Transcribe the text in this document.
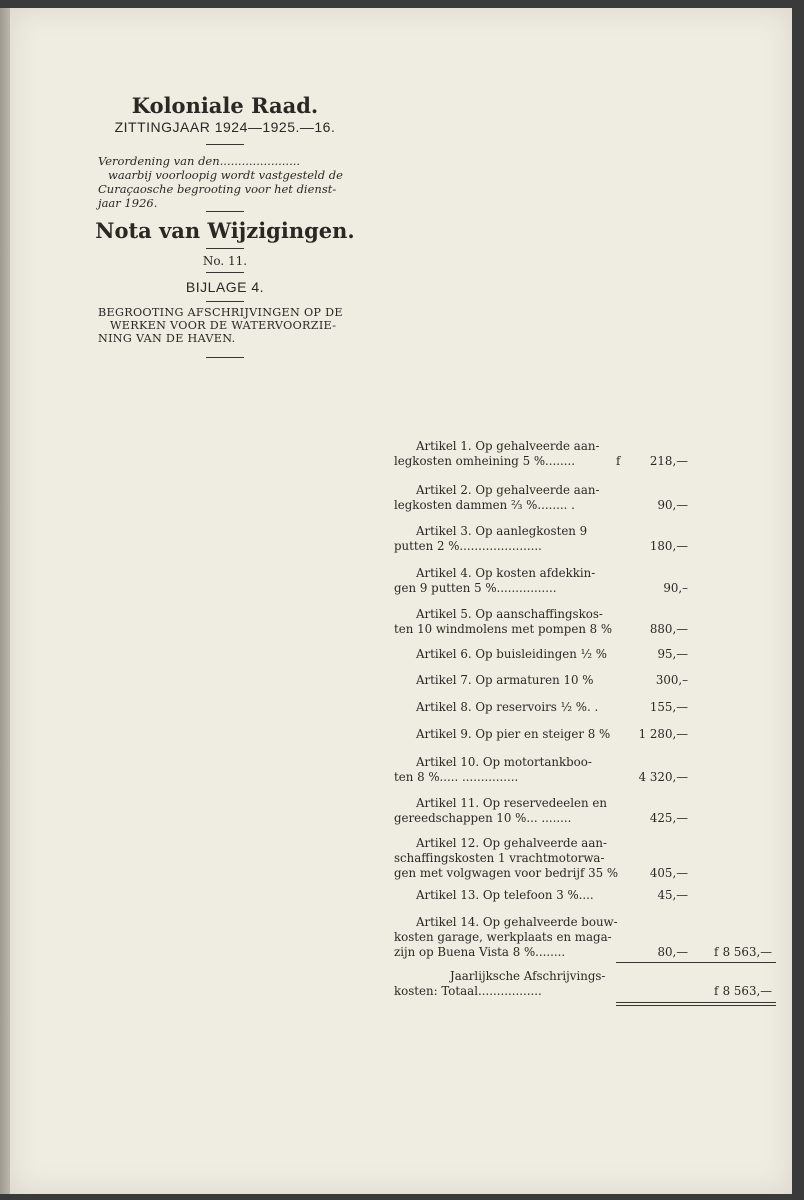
Koloniale Raad.
ZITTINGJAAR 1924—1925.—16.
Verordening van den......................
waarbij voorloopig wordt vastgesteld de
Curaçaosche begrooting voor het dienst-
jaar 1926.
Nota van Wijzigingen.
No. 11.
BIJLAGE 4.
BEGROOTING AFSCHRIJVINGEN OP DE
WERKEN VOOR DE WATERVOORZIE-
NING VAN DE HAVEN.
Artikel 1. Op gehalveerde aan-
legkosten omheining 5 %........	f	218,—
Artikel 2. Op gehalveerde aan-
legkosten dammen ⅔ %........ .	90,—
Artikel 3. Op aanlegkosten 9
putten 2 %......................	180,—
Artikel 4. Op kosten afdekkin-
gen 9 putten 5 %................	90,–
Artikel 5. Op aanschaffingskos-
ten 10 windmolens met pompen 8 %	880,—
Artikel 6. Op buisleidingen ½ %	95,—
Artikel 7. Op armaturen 10 %	300,–
Artikel 8. Op reservoirs ½ %. .	155,—
Artikel 9. Op pier en steiger 8 % 1 280,—
Artikel 10. Op motortankboo-
ten 8 %..... ...............	4 320,—
Artikel 11. Op reservedeelen en
gereedschappen 10 %... ........	425,—
Artikel 12. Op gehalveerde aan-
schaffingskosten 1 vrachtmotorwa-
gen met volgwagen voor bedrijf 35 %	405,—
Artikel 13. Op telefoon 3 %....	45,—
Artikel 14. Op gehalveerde bouw-
kosten garage, werkplaats en maga-
zijn op Buena Vista 8 %........	80,— f 8 563,—
Jaarlijksche Afschrijvings-
kosten: Totaal.................	f 8 563,—
